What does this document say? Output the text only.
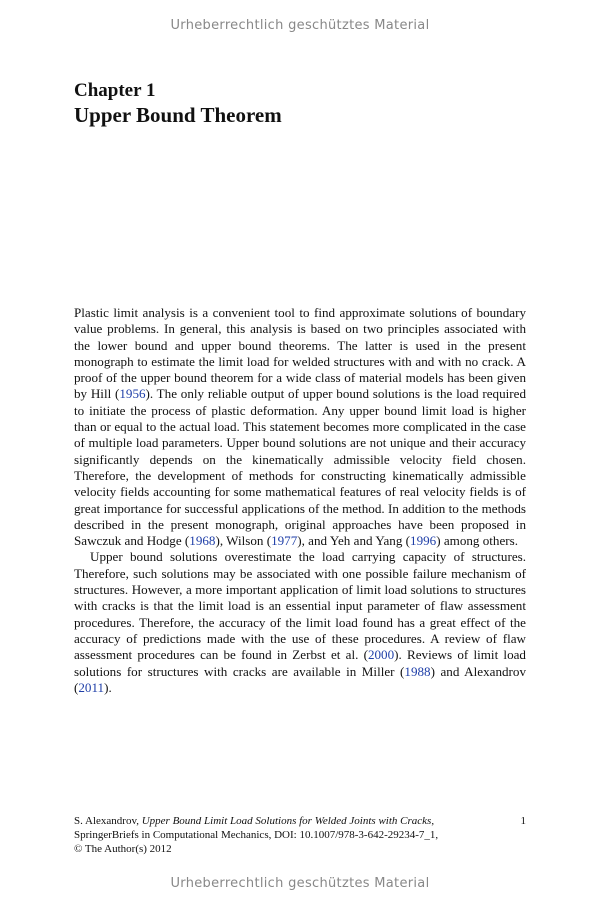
Urheberrechtlich geschütztes Material
Chapter 1
Upper Bound Theorem

Plastic limit analysis is a convenient tool to find approximate solutions of boundary value problems. In general, this analysis is based on two principles associated with the lower bound and upper bound theorems. The latter is used in the present monograph to estimate the limit load for welded structures with and with no crack. A proof of the upper bound theorem for a wide class of material models has been given by Hill (1956). The only reliable output of upper bound solutions is the load required to initiate the process of plastic deformation. Any upper bound limit load is higher than or equal to the actual load. This statement becomes more complicated in the case of multiple load parameters. Upper bound solutions are not unique and their accuracy significantly depends on the kinematically admissible velocity field chosen. Therefore, the development of methods for constructing kinematically admissible velocity fields accounting for some mathematical features of real velocity fields is of great importance for successful applications of the method. In addition to the methods described in the present monograph, original approaches have been proposed in Sawczuk and Hodge (1968), Wilson (1977), and Yeh and Yang (1996) among others.

Upper bound solutions overestimate the load carrying capacity of structures. Therefore, such solutions may be associated with one possible failure mechanism of structures. However, a more important application of limit load solutions to structures with cracks is that the limit load is an essential input parameter of flaw assessment procedures. Therefore, the accuracy of the limit load found has a great effect of the accuracy of predictions made with the use of these procedures. A review of flaw assessment procedures can be found in Zerbst et al. (2000). Reviews of limit load solutions for structures with cracks are available in Miller (1988) and Alexandrov (2011).

S. Alexandrov, Upper Bound Limit Load Solutions for Welded Joints with Cracks,
SpringerBriefs in Computational Mechanics, DOI: 10.1007/978-3-642-29234-7_1,
© The Author(s) 2012
1
Urheberrechtlich geschütztes Material
